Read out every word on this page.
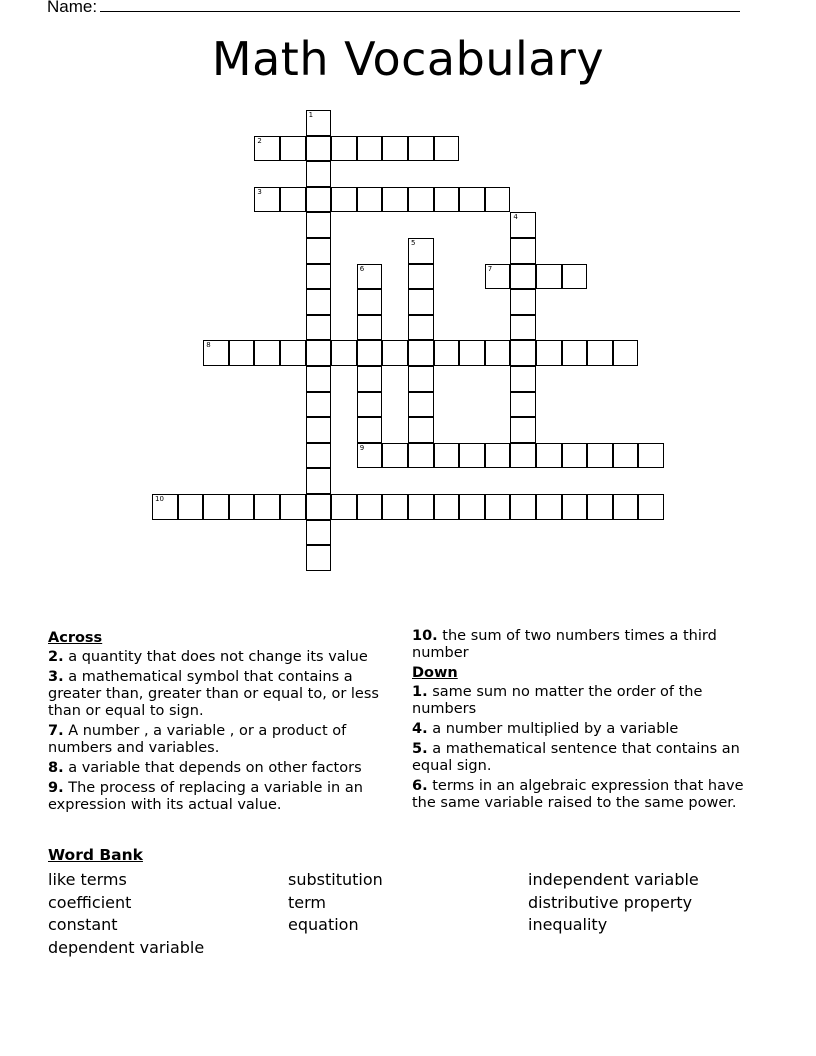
Name:
Math Vocabulary
1
2
3
4
5
6	7
8
9
10
Across
2. a quantity that does not change its value
3. a mathematical symbol that contains a greater than, greater than or equal to, or less than or equal to sign.
7. A number , a variable , or a product of numbers and variables.
8. a variable that depends on other factors
9. The process of replacing a variable in an expression with its actual value.
10. the sum of two numbers times a third number
Down
1. same sum no matter the order of the numbers
4. a number multiplied by a variable
5. a mathematical sentence that contains an equal sign.
6. terms in an algebraic expression that have the same variable raised to the same power.
Word Bank
like terms
coefficient
constant
dependent variable
substitution
term
equation
independent variable
distributive property
inequality
